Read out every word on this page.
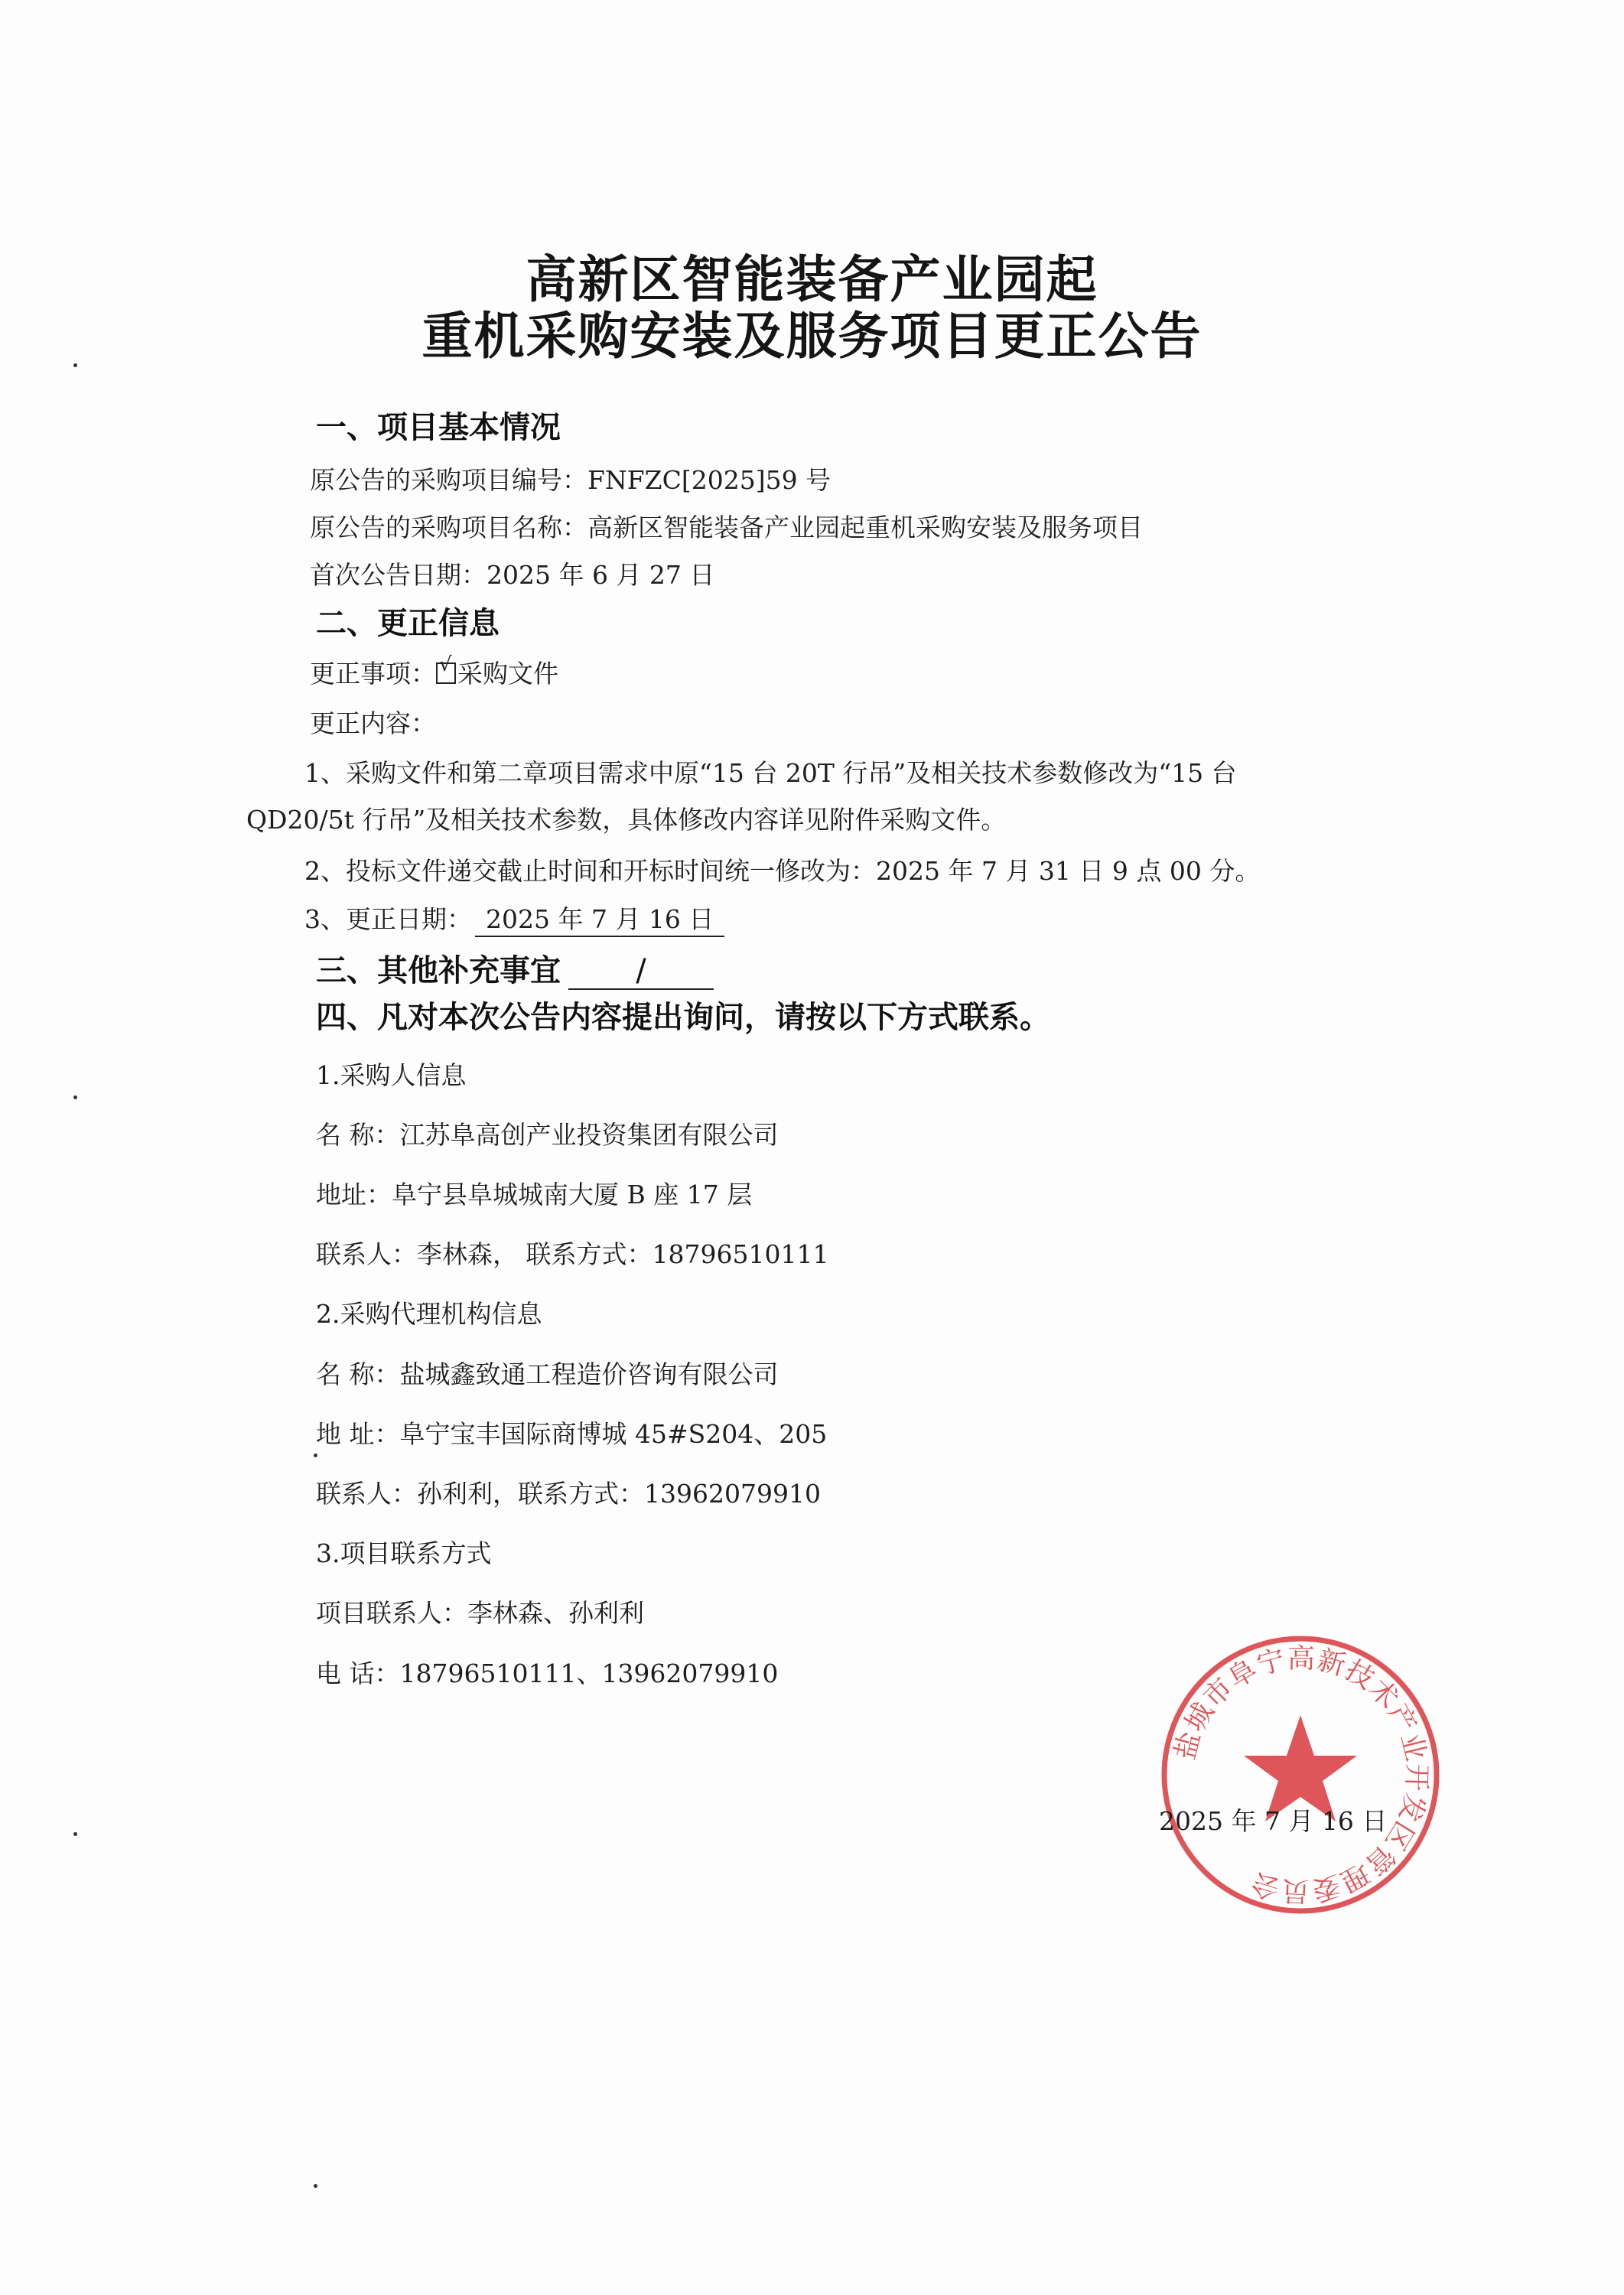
高新区智能装备产业园起
重机采购安装及服务项目更正公告
一、项目基本情况
原公告的采购项目编号：FNFZC[2025]59 号
原公告的采购项目名称：高新区智能装备产业园起重机采购安装及服务项目
首次公告日期：2025 年 6 月 27 日
二、更正信息
更正事项： √ 采购文件
更正内容：
1、采购文件和第二章项目需求中原“15 台 20T 行吊”及相关技术参数修改为“15 台
QD20/5t 行吊”及相关技术参数，具体修改内容详见附件采购文件。
2、投标文件递交截止时间和开标时间统一修改为：2025 年 7 月 31 日 9 点 00 分。
3、更正日期： 2025 年 7 月 16 日
三、其他补充事宜 /
四、凡对本次公告内容提出询问，请按以下方式联系。
1.采购人信息
名 称：江苏阜高创产业投资集团有限公司
地址：阜宁县阜城城南大厦 B 座 17 层
联系人：李林森， 联系方式：18796510111
2.采购代理机构信息
名 称：盐城鑫致通工程造价咨询有限公司
地 址：阜宁宝丰国际商博城 45#S204、205
联系人：孙利利，联系方式：13962079910
3.项目联系方式
项目联系人：李林森、孙利利
电 话：18796510111、13962079910
盐城市阜宁高新技术产业开发区管理委员会
2025 年 7 月 16 日
